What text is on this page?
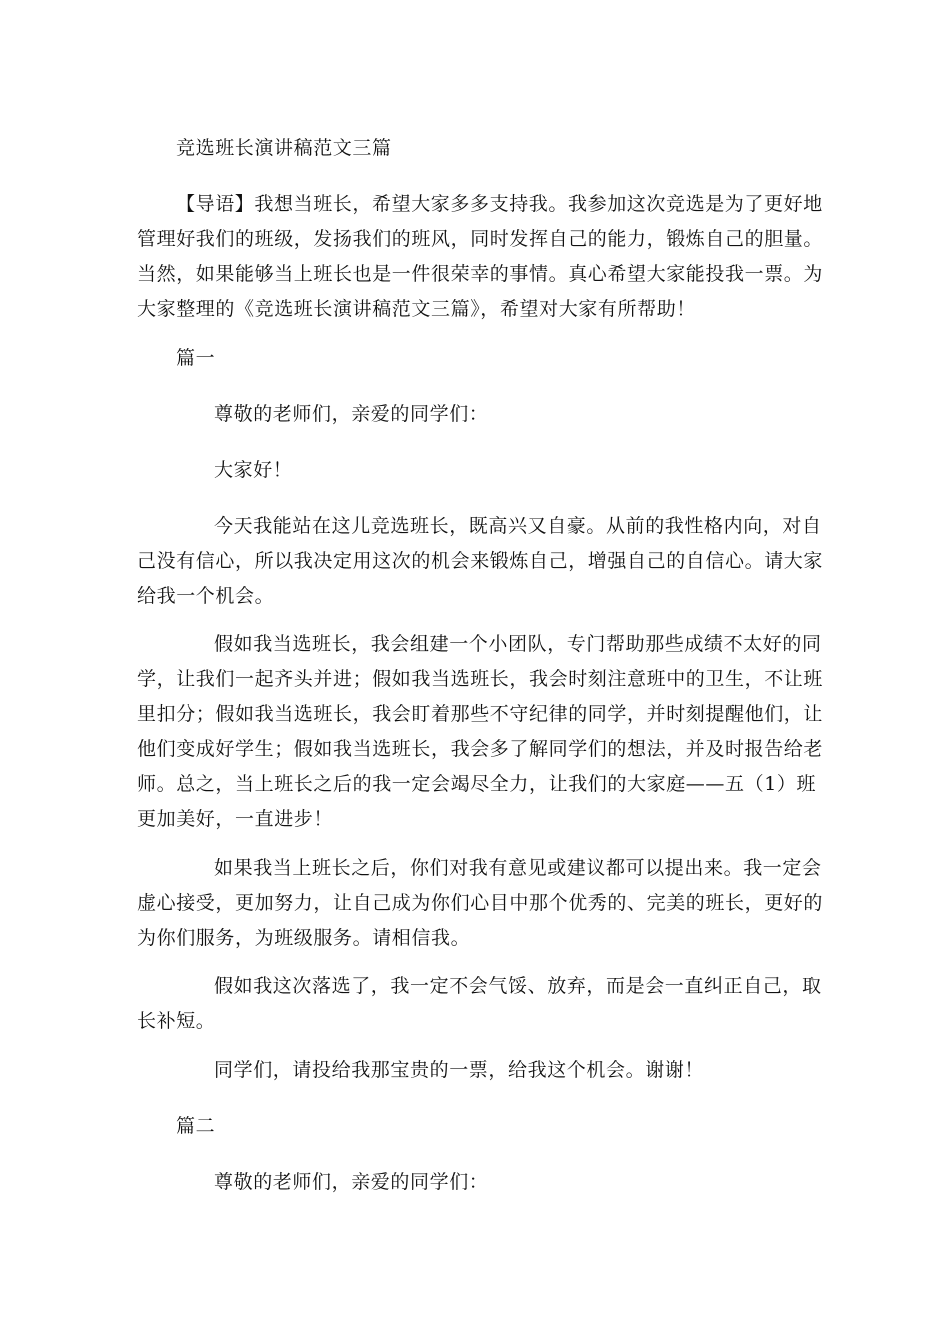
竞选班长演讲稿范文三篇
【导语】我想当班长，希望大家多多支持我。我参加这次竞选是为了更好地
管理好我们的班级，发扬我们的班风，同时发挥自己的能力，锻炼自己的胆量。
当然，如果能够当上班长也是一件很荣幸的事情。真心希望大家能投我一票。为
大家整理的《竞选班长演讲稿范文三篇》，希望对大家有所帮助！
篇一
尊敬的老师们，亲爱的同学们：
大家好！
今天我能站在这儿竞选班长，既高兴又自豪。从前的我性格内向，对自
己没有信心，所以我决定用这次的机会来锻炼自己，增强自己的自信心。请大家
给我一个机会。
假如我当选班长，我会组建一个小团队，专门帮助那些成绩不太好的同
学，让我们一起齐头并进；假如我当选班长，我会时刻注意班中的卫生，不让班
里扣分；假如我当选班长，我会盯着那些不守纪律的同学，并时刻提醒他们，让
他们变成好学生；假如我当选班长，我会多了解同学们的想法，并及时报告给老
师。总之，当上班长之后的我一定会竭尽全力，让我们的大家庭——五（1）班
更加美好，一直进步！
如果我当上班长之后，你们对我有意见或建议都可以提出来。我一定会
虚心接受，更加努力，让自己成为你们心目中那个优秀的、完美的班长，更好的
为你们服务，为班级服务。请相信我。
假如我这次落选了，我一定不会气馁、放弃，而是会一直纠正自己，取
长补短。
同学们，请投给我那宝贵的一票，给我这个机会。谢谢！
篇二
尊敬的老师们，亲爱的同学们：
